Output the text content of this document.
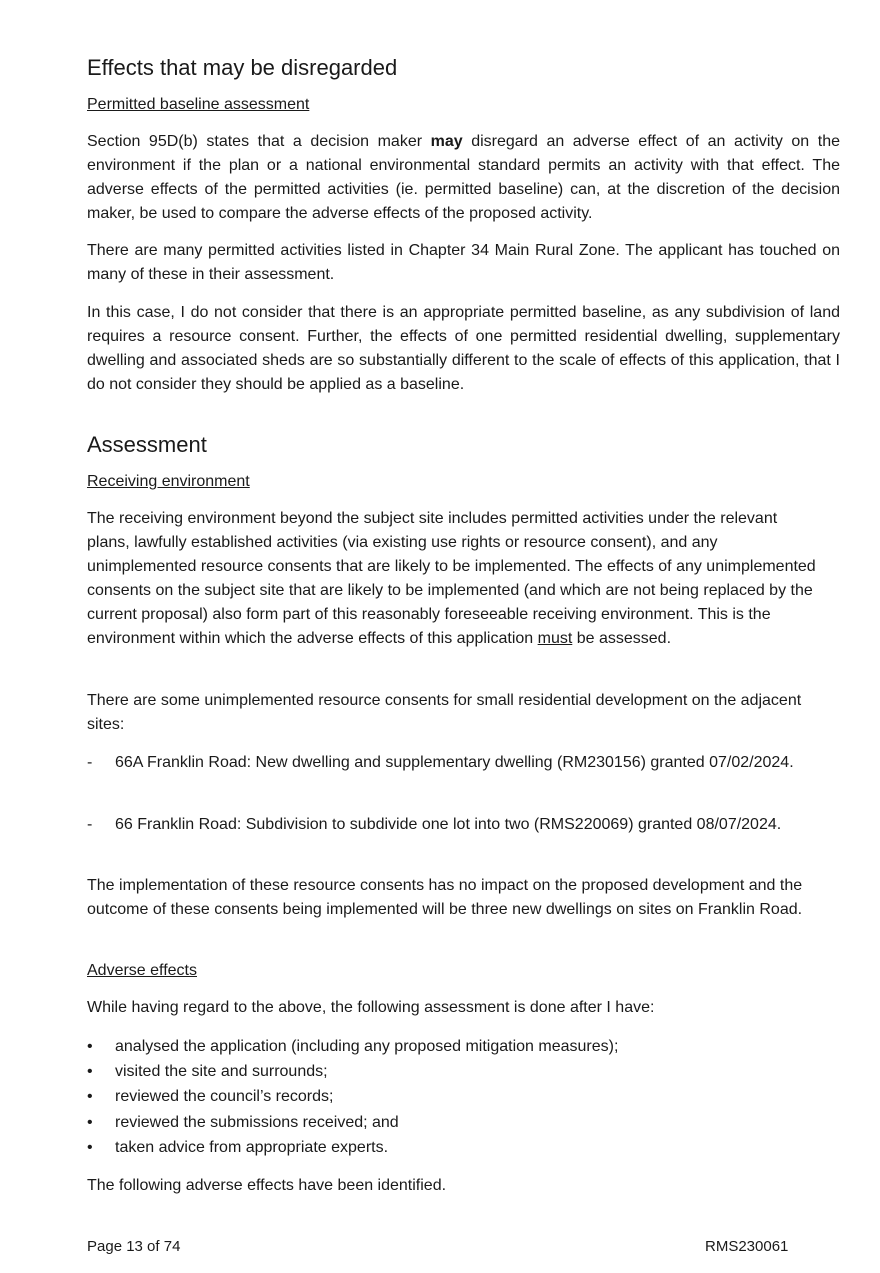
Effects that may be disregarded
Permitted baseline assessment

Section 95D(b) states that a decision maker may disregard an adverse effect of an activity on the environment if the plan or a national environmental standard permits an activity with that effect. The adverse effects of the permitted activities (ie. permitted baseline) can, at the discretion of the decision maker, be used to compare the adverse effects of the proposed activity.

There are many permitted activities listed in Chapter 34 Main Rural Zone. The applicant has touched on many of these in their assessment.

In this case, I do not consider that there is an appropriate permitted baseline, as any subdivision of land requires a resource consent. Further, the effects of one permitted residential dwelling, supplementary dwelling and associated sheds are so substantially different to the scale of effects of this application, that I do not consider they should be applied as a baseline.

Assessment
Receiving environment

The receiving environment beyond the subject site includes permitted activities under the relevant plans, lawfully established activities (via existing use rights or resource consent), and any unimplemented resource consents that are likely to be implemented. The effects of any unimplemented consents on the subject site that are likely to be implemented (and which are not being replaced by the current proposal) also form part of this reasonably foreseeable receiving environment. This is the environment within which the adverse effects of this application must be assessed.

There are some unimplemented resource consents for small residential development on the adjacent sites:

- 66A Franklin Road: New dwelling and supplementary dwelling (RM230156) granted 07/02/2024.
- 66 Franklin Road: Subdivision to subdivide one lot into two (RMS220069) granted 08/07/2024.

The implementation of these resource consents has no impact on the proposed development and the outcome of these consents being implemented will be three new dwellings on sites on Franklin Road.

Adverse effects

While having regard to the above, the following assessment is done after I have:

• analysed the application (including any proposed mitigation measures);
• visited the site and surrounds;
• reviewed the council’s records;
• reviewed the submissions received; and
• taken advice from appropriate experts.

The following adverse effects have been identified.

Page 13 of 74	RMS230061
